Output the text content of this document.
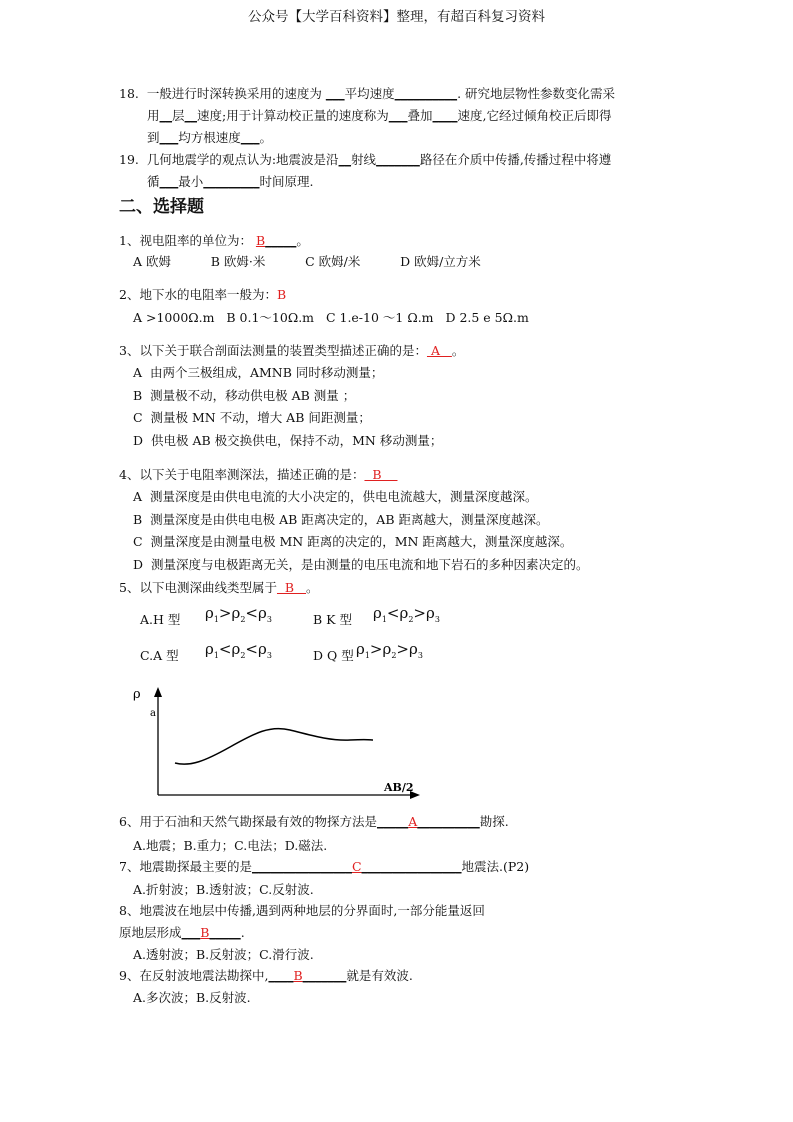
公众号【大学百科资料】整理，有超百科复习资料
18.  一般进行时深转换采用的速度为 ___平均速度__________. 研究地层物性参数变化需采
用__层__速度;用于计算动校正量的速度称为___叠加____速度,它经过倾角校正后即得
到___均方根速度___。
19.  几何地震学的观点认为:地震波是沿__射线_______路径在介质中传播,传播过程中将遵
循___最小_________时间原理.
二、选择题
1、视电阻率的单位为： B_____。
A 欧姆          B 欧姆·米          C 欧姆/米          D 欧姆/立方米
2、地下水的电阻率一般为：B
A >1000Ω.m   B 0.1～10Ω.m   C 1.e-10 ～1 Ω.m   D 2.5 e 5Ω.m
3、以下关于联合剖面法测量的装置类型描述正确的是： A   。
A  由两个三极组成，AMNB 同时移动测量；
B  测量极不动，移动供电极 AB 测量 ；
C  测量极 MN 不动，增大 AB 间距测量；
D  供电极 AB 极交换供电，保持不动，MN 移动测量；
4、以下关于电阻率测深法，描述正确的是：  B
A  测量深度是由供电电流的大小决定的，供电电流越大，测量深度越深。
B  测量深度是由供电电极 AB 距离决定的，AB 距离越大，测量深度越深。
C  测量深度是由测量电极 MN 距离的决定的，MN 距离越大，测量深度越深。
D  测量深度与电极距离无关，是由测量的电压电流和地下岩石的多种因素决定的。
5、以下电测深曲线类型属于  B   。
6、用于石油和天然气勘探最有效的物探方法是_____A__________勘探.
A.地震；B.重力；C.电法；D.磁法.
7、地震勘探最主要的是________________C________________地震法.(P2)
A.折射波；B.透射波；C.反射波.
8、地震波在地层中传播,遇到两种地层的分界面时,一部分能量返回
原地层形成___B_____.
A.透射波；B.反射波；C.滑行波.
9、在反射波地震法勘探中,____B_______就是有效波.
A.多次波；B.反射波.
A.H 型 $\rho_1>\rho_2<\rho_3$	B K 型 $\rho_1<\rho_2>\rho_3$
C.A 型 $\rho_1<\rho_2<\rho_3$	D Q 型 $\rho_1>\rho_2>\rho_3$
ρ
a
AB/2
